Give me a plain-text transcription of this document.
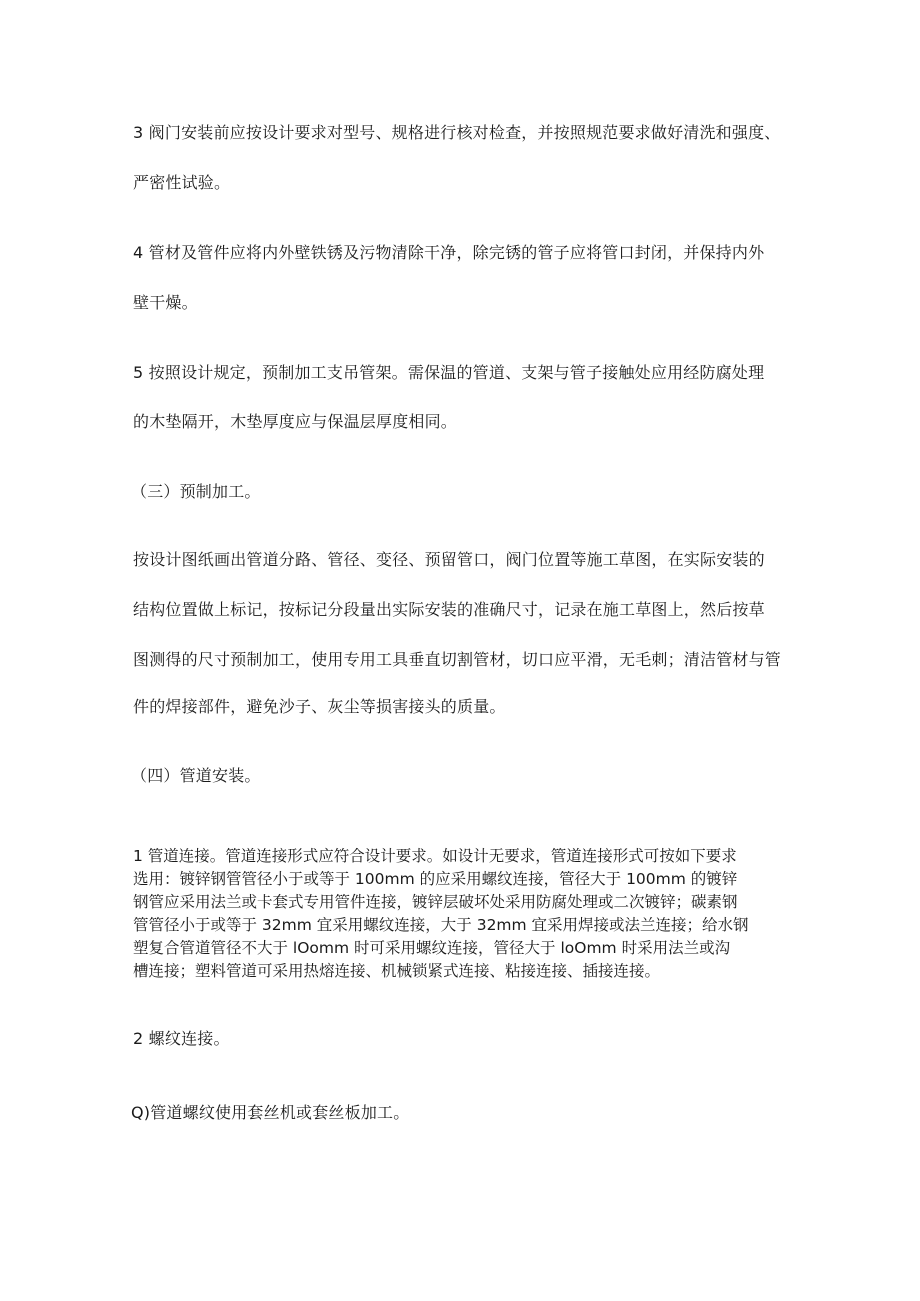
3 阀门安装前应按设计要求对型号、规格进行核对检查，并按照规范要求做好清洗和强度、
严密性试验。
4 管材及管件应将内外壁铁锈及污物清除干净，除完锈的管子应将管口封闭，并保持内外
壁干燥。
5 按照设计规定，预制加工支吊管架。需保温的管道、支架与管子接触处应用经防腐处理
的木垫隔开，木垫厚度应与保温层厚度相同。
（三）预制加工。
按设计图纸画出管道分路、管径、变径、预留管口，阀门位置等施工草图，在实际安装的
结构位置做上标记，按标记分段量出实际安装的准确尺寸，记录在施工草图上，然后按草
图测得的尺寸预制加工，使用专用工具垂直切割管材，切口应平滑，无毛刺；清洁管材与管
件的焊接部件，避免沙子、灰尘等损害接头的质量。
（四）管道安装。
1 管道连接。管道连接形式应符合设计要求。如设计无要求，管道连接形式可按如下要求
选用：镀锌钢管管径小于或等于 100mm 的应采用螺纹连接，管径大于 100mm 的镀锌
钢管应采用法兰或卡套式专用管件连接，镀锌层破坏处采用防腐处理或二次镀锌；碳素钢
管管径小于或等于 32mm 宜采用螺纹连接，大于 32mm 宜采用焊接或法兰连接；给水钢
塑复合管道管径不大于 lOomm 时可采用螺纹连接，管径大于 loOmm 时采用法兰或沟
槽连接；塑料管道可采用热熔连接、机械锁紧式连接、粘接连接、插接连接。
2 螺纹连接。
Q)管道螺纹使用套丝机或套丝板加工。
